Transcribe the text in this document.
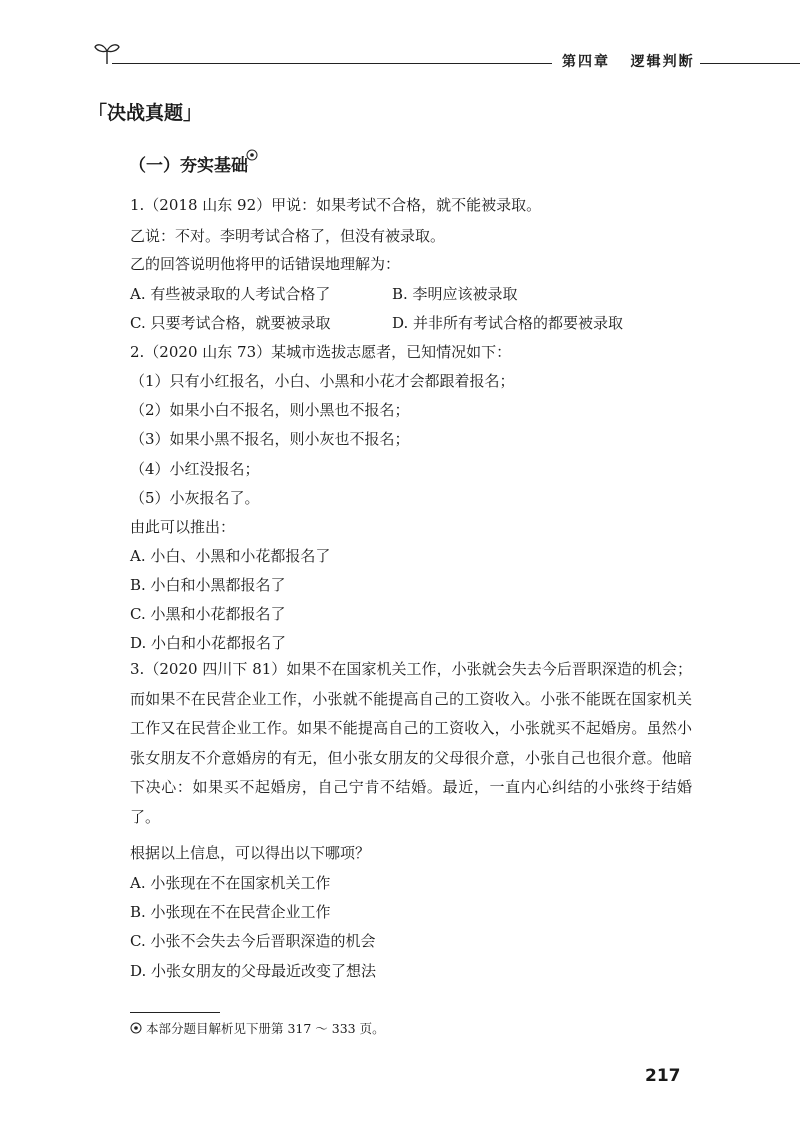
第四章 逻辑判断
「决战真题」
（一）夯实基础
1.（2018 山东 92）甲说：如果考试不合格，就不能被录取。
乙说：不对。李明考试合格了，但没有被录取。
乙的回答说明他将甲的话错误地理解为：
A. 有些被录取的人考试合格了	B. 李明应该被录取
C. 只要考试合格，就要被录取	D. 并非所有考试合格的都要被录取
2.（2020 山东 73）某城市选拔志愿者，已知情况如下：
（1）只有小红报名，小白、小黑和小花才会都跟着报名；
（2）如果小白不报名，则小黑也不报名；
（3）如果小黑不报名，则小灰也不报名；
（4）小红没报名；
（5）小灰报名了。
由此可以推出：
A. 小白、小黑和小花都报名了
B. 小白和小黑都报名了
C. 小黑和小花都报名了
D. 小白和小花都报名了
3.（2020 四川下 81）如果不在国家机关工作，小张就会失去今后晋职深造的机会；而如果不在民营企业工作，小张就不能提高自己的工资收入。小张不能既在国家机关工作又在民营企业工作。如果不能提高自己的工资收入，小张就买不起婚房。虽然小张女朋友不介意婚房的有无，但小张女朋友的父母很介意，小张自己也很介意。他暗下决心：如果买不起婚房，自己宁肯不结婚。最近，一直内心纠结的小张终于结婚了。
根据以上信息，可以得出以下哪项？
A. 小张现在不在国家机关工作
B. 小张现在不在民营企业工作
C. 小张不会失去今后晋职深造的机会
D. 小张女朋友的父母最近改变了想法
本部分题目解析见下册第 317 ～ 333 页。
217
